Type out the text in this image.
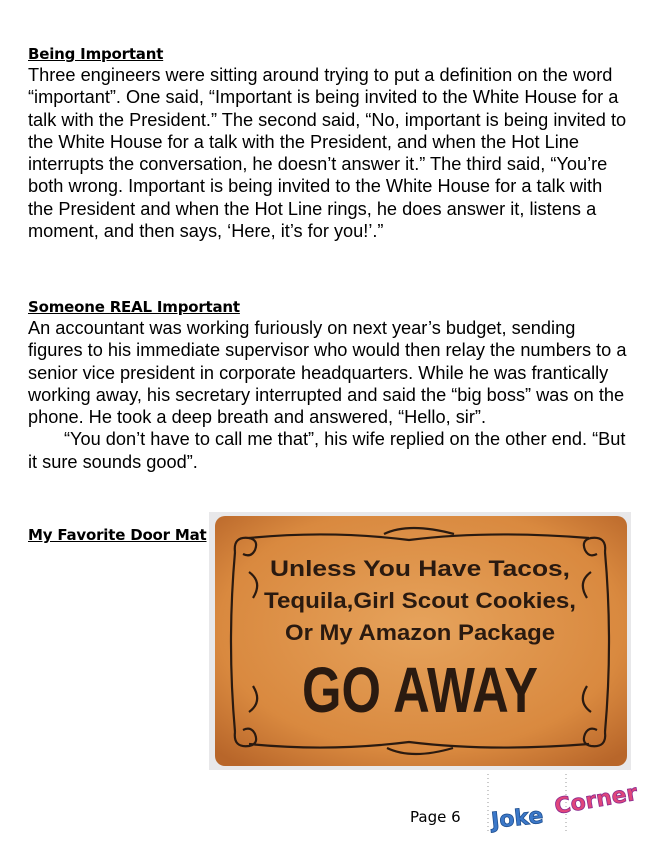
Being Important

Three engineers were sitting around trying to put a definition on the word “important”. One said, “Important is being invited to the White House for a talk with the President.” The second said, “No, important is being invited to the White House for a talk with the President, and when the Hot Line interrupts the conversation, he doesn’t answer it.” The third said, “You’re both wrong. Important is being invited to the White House for a talk with the President and when the Hot Line rings, he does answer it, listens a moment, and then says, ‘Here, it’s for you!’.”

Someone REAL Important

An accountant was working furiously on next year’s budget, sending figures to his immediate supervisor who would then relay the numbers to a senior vice president in corporate headquarters. While he was frantically working away, his secretary interrupted and said the “big boss” was on the phone. He took a deep breath and answered, “Hello, sir”.

“You don’t have to call me that”, his wife replied on the other end. “But it sure sounds good”.

My Favorite Door Mat
Unless You Have Tacos,
Tequila,Girl Scout Cookies,
Or My Amazon Package
GO AWAY
Page 6 Joke Corner
